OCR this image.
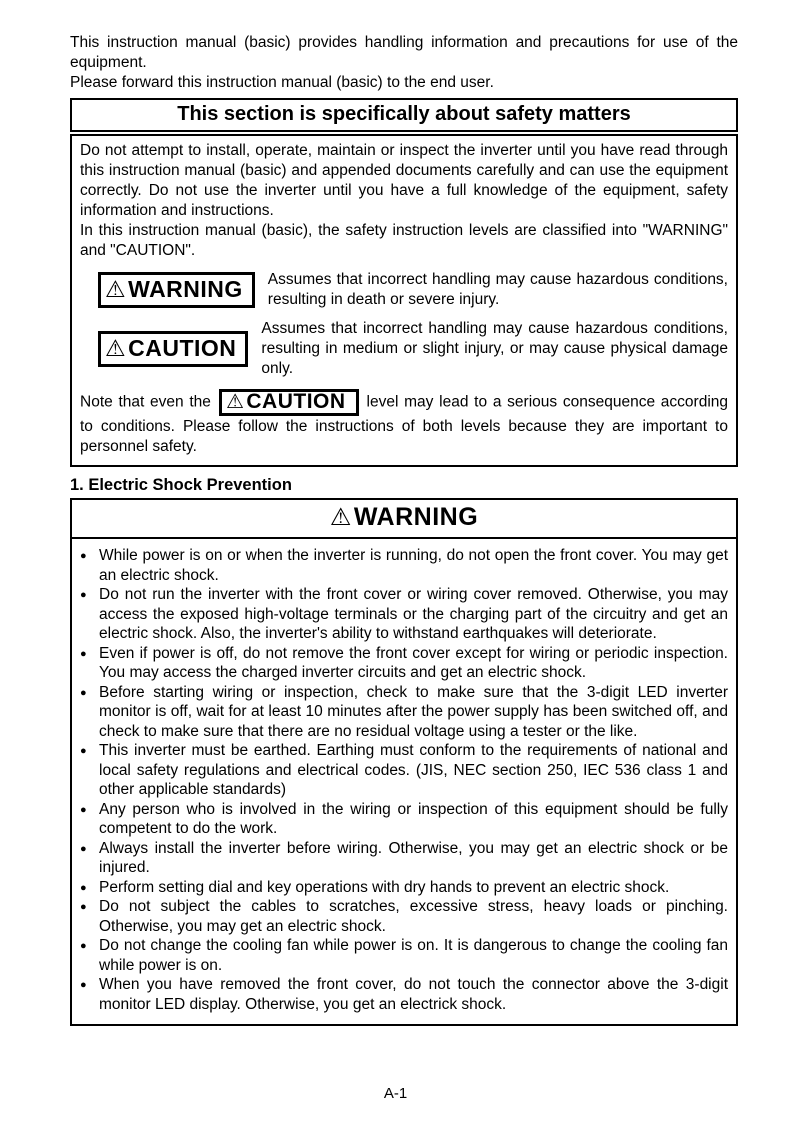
This instruction manual (basic) provides handling information and precautions for use of the equipment.

Please forward this instruction manual (basic) to the end user.

This section is specifically about safety matters

Do not attempt to install, operate, maintain or inspect the inverter until you have read through this instruction manual (basic) and appended documents carefully and can use the equipment correctly. Do not use the inverter until you have a full knowledge of the equipment, safety information and instructions.

In this instruction manual (basic), the safety instruction levels are classified into "WARNING" and "CAUTION".

⚠ WARNING Assumes that incorrect handling may cause hazardous conditions, resulting in death or severe injury.

⚠ CAUTION

Assumes that incorrect handling may cause hazardous conditions, resulting in medium or slight injury, or may cause physical damage only.

Note that even the ⚠ CAUTION level may lead to a serious consequence according to conditions. Please follow the instructions of both levels because they are important to personnel safety.

1. Electric Shock Prevention
⚠WARNING
● While power is on or when the inverter is running, do not open the front cover. You may get an electric shock.
● Do not run the inverter with the front cover or wiring cover removed. Otherwise, you may access the exposed high-voltage terminals or the charging part of the circuitry and get an electric shock. Also, the inverter's ability to withstand earthquakes will deteriorate.
● Even if power is off, do not remove the front cover except for wiring or periodic inspection. You may access the charged inverter circuits and get an electric shock.
● Before starting wiring or inspection, check to make sure that the 3-digit LED inverter monitor is off, wait for at least 10 minutes after the power supply has been switched off, and check to make sure that there are no residual voltage using a tester or the like.
● This inverter must be earthed. Earthing must conform to the requirements of national and local safety regulations and electrical codes. (JIS, NEC section 250, IEC 536 class 1 and other applicable standards)
● Any person who is involved in the wiring or inspection of this equipment should be fully competent to do the work.
● Always install the inverter before wiring. Otherwise, you may get an electric shock or be injured.
● Perform setting dial and key operations with dry hands to prevent an electric shock.
● Do not subject the cables to scratches, excessive stress, heavy loads or pinching. Otherwise, you may get an electric shock.
● Do not change the cooling fan while power is on. It is dangerous to change the cooling fan while power is on.
● When you have removed the front cover, do not touch the connector above the 3-digit monitor LED display. Otherwise, you get an electrick shock.
A-1
